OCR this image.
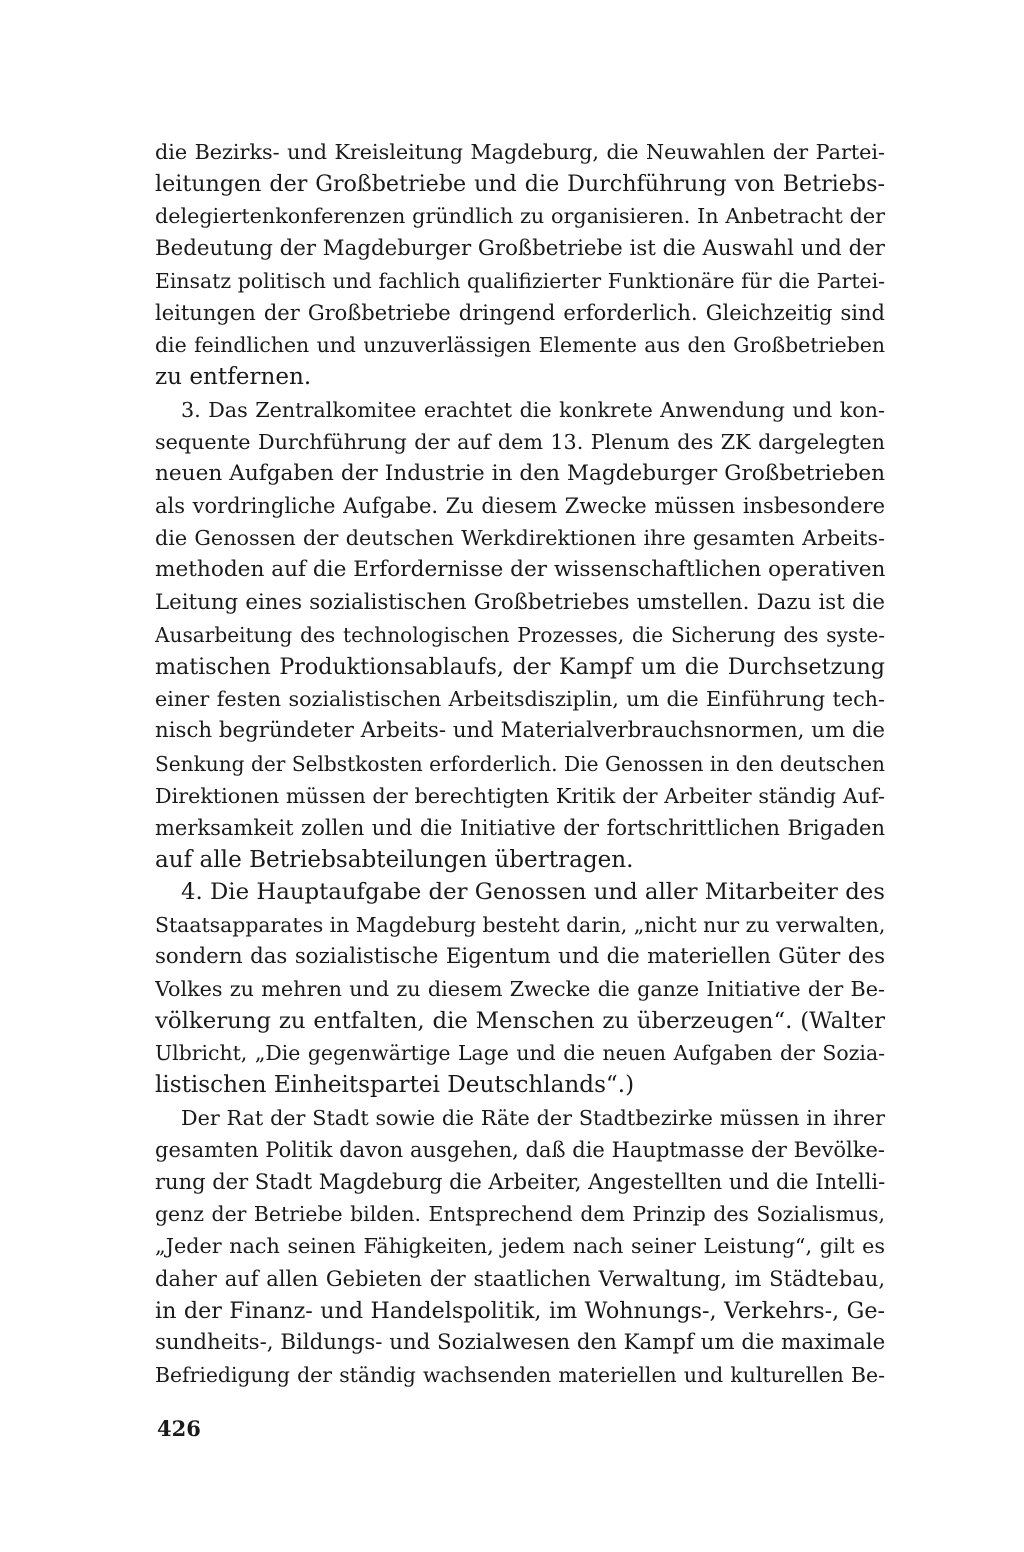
die Bezirks- und Kreisleitung Magdeburg, die Neuwahlen der Partei-
leitungen der Großbetriebe und die Durchführung von Betriebs-
delegiertenkonferenzen gründlich zu organisieren. In Anbetracht der
Bedeutung der Magdeburger Großbetriebe ist die Auswahl und der
Einsatz politisch und fachlich qualifizierter Funktionäre für die Partei-
leitungen der Großbetriebe dringend erforderlich. Gleichzeitig sind
die feindlichen und unzuverlässigen Elemente aus den Großbetrieben
zu entfernen.
3. Das Zentralkomitee erachtet die konkrete Anwendung und kon-
sequente Durchführung der auf dem 13. Plenum des ZK dargelegten
neuen Aufgaben der Industrie in den Magdeburger Großbetrieben
als vordringliche Aufgabe. Zu diesem Zwecke müssen insbesondere
die Genossen der deutschen Werkdirektionen ihre gesamten Arbeits-
methoden auf die Erfordernisse der wissenschaftlichen operativen
Leitung eines sozialistischen Großbetriebes umstellen. Dazu ist die
Ausarbeitung des technologischen Prozesses, die Sicherung des syste-
matischen Produktionsablaufs, der Kampf um die Durchsetzung
einer festen sozialistischen Arbeitsdisziplin, um die Einführung tech-
nisch begründeter Arbeits- und Materialverbrauchsnormen, um die
Senkung der Selbstkosten erforderlich. Die Genossen in den deutschen
Direktionen müssen der berechtigten Kritik der Arbeiter ständig Auf-
merksamkeit zollen und die Initiative der fortschrittlichen Brigaden
auf alle Betriebsabteilungen übertragen.
4. Die Hauptaufgabe der Genossen und aller Mitarbeiter des
Staatsapparates in Magdeburg besteht darin, „nicht nur zu verwalten,
sondern das sozialistische Eigentum und die materiellen Güter des
Volkes zu mehren und zu diesem Zwecke die ganze Initiative der Be-
völkerung zu entfalten, die Menschen zu überzeugen“. (Walter
Ulbricht, „Die gegenwärtige Lage und die neuen Aufgaben der Sozia-
listischen Einheitspartei Deutschlands“.)
Der Rat der Stadt sowie die Räte der Stadtbezirke müssen in ihrer
gesamten Politik davon ausgehen, daß die Hauptmasse der Bevölke-
rung der Stadt Magdeburg die Arbeiter, Angestellten und die Intelli-
genz der Betriebe bilden. Entsprechend dem Prinzip des Sozialismus,
„Jeder nach seinen Fähigkeiten, jedem nach seiner Leistung“, gilt es
daher auf allen Gebieten der staatlichen Verwaltung, im Städtebau,
in der Finanz- und Handelspolitik, im Wohnungs-, Verkehrs-, Ge-
sundheits-, Bildungs- und Sozialwesen den Kampf um die maximale
Befriedigung der ständig wachsenden materiellen und kulturellen Be-
426
